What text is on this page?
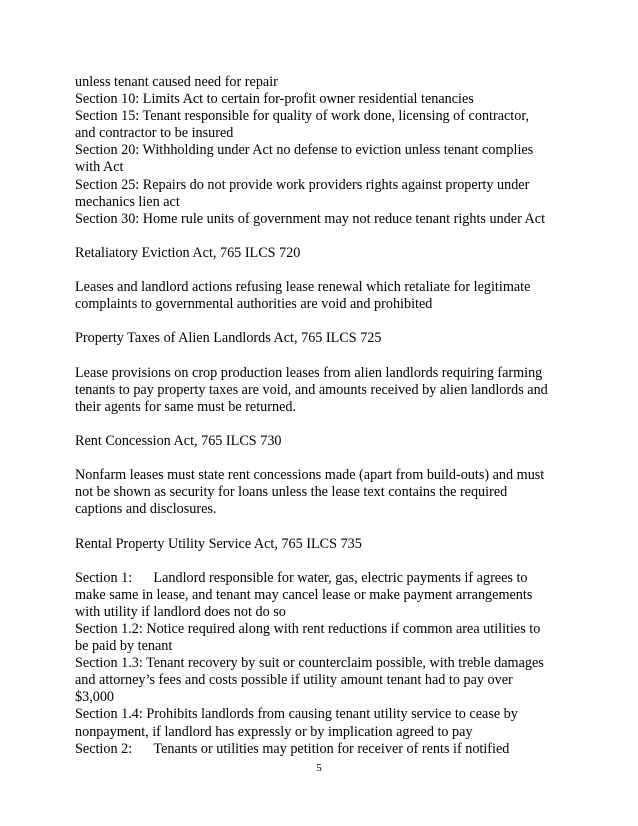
unless tenant caused need for repair
Section 10: Limits Act to certain for-profit owner residential tenancies
Section 15: Tenant responsible for quality of work done, licensing of contractor,
and contractor to be insured
Section 20: Withholding under Act no defense to eviction unless tenant complies
with Act
Section 25: Repairs do not provide work providers rights against property under
mechanics lien act
Section 30: Home rule units of government may not reduce tenant rights under Act
Retaliatory Eviction Act, 765 ILCS 720
Leases and landlord actions refusing lease renewal which retaliate for legitimate
complaints to governmental authorities are void and prohibited
Property Taxes of Alien Landlords Act, 765 ILCS 725
Lease provisions on crop production leases from alien landlords requiring farming
tenants to pay property taxes are void, and amounts received by alien landlords and
their agents for same must be returned.
Rent Concession Act, 765 ILCS 730
Nonfarm leases must state rent concessions made (apart from build-outs) and must
not be shown as security for loans unless the lease text contains the required
captions and disclosures.
Rental Property Utility Service Act, 765 ILCS 735
Section 1:  Landlord responsible for water, gas, electric payments if agrees to
make same in lease, and tenant may cancel lease or make payment arrangements
with utility if landlord does not do so
Section 1.2: Notice required along with rent reductions if common area utilities to
be paid by tenant
Section 1.3: Tenant recovery by suit or counterclaim possible, with treble damages
and attorney’s fees and costs possible if utility amount tenant had to pay over
$3,000
Section 1.4: Prohibits landlords from causing tenant utility service to cease by
nonpayment, if landlord has expressly or by implication agreed to pay
Section 2:  Tenants or utilities may petition for receiver of rents if notified
5
